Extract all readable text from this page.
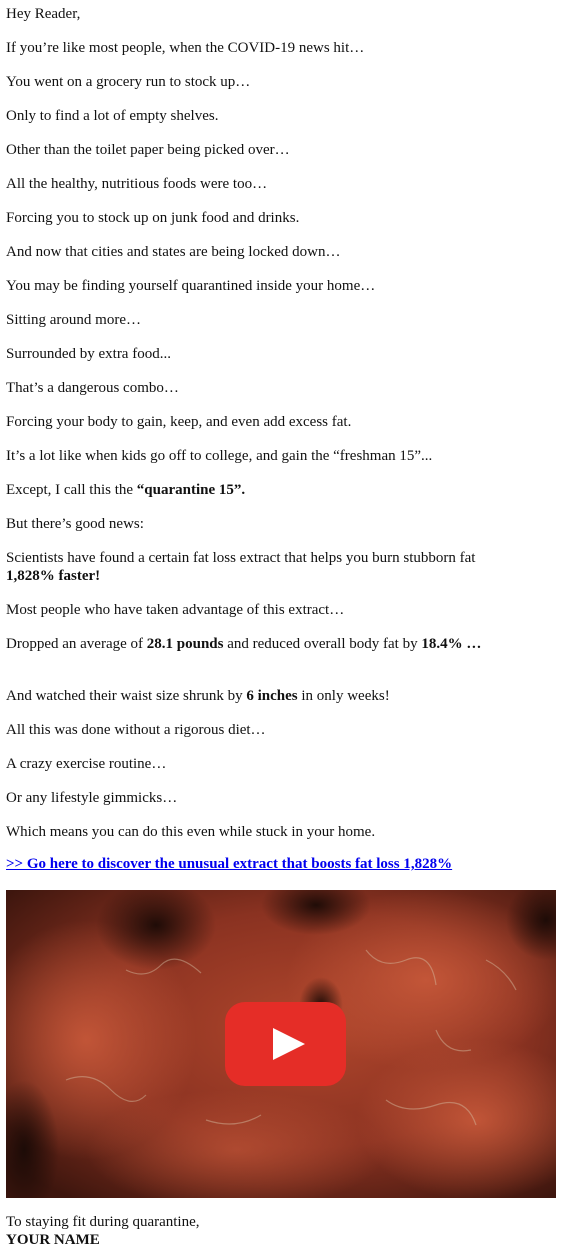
Hey Reader,

If you’re like most people, when the COVID-19 news hit…

You went on a grocery run to stock up…

Only to find a lot of empty shelves.

Other than the toilet paper being picked over…

All the healthy, nutritious foods were too…

Forcing you to stock up on junk food and drinks.

And now that cities and states are being locked down…

You may be finding yourself quarantined inside your home…

Sitting around more…

Surrounded by extra food...

That’s a dangerous combo…

Forcing your body to gain, keep, and even add excess fat.

It’s a lot like when kids go off to college, and gain the “freshman 15”...

Except, I call this the “quarantine 15”.

But there’s good news:

Scientists have found a certain fat loss extract that helps you burn stubborn fat 1,828% faster!

Most people who have taken advantage of this extract…

Dropped an average of 28.1 pounds and reduced overall body fat by 18.4% …

And watched their waist size shrunk by 6 inches in only weeks!

All this was done without a rigorous diet…

A crazy exercise routine…

Or any lifestyle gimmicks…

Which means you can do this even while stuck in your home.

>> Go here to discover the unusual extract that boosts fat loss 1,828%

To staying fit during quarantine,

YOUR NAME
